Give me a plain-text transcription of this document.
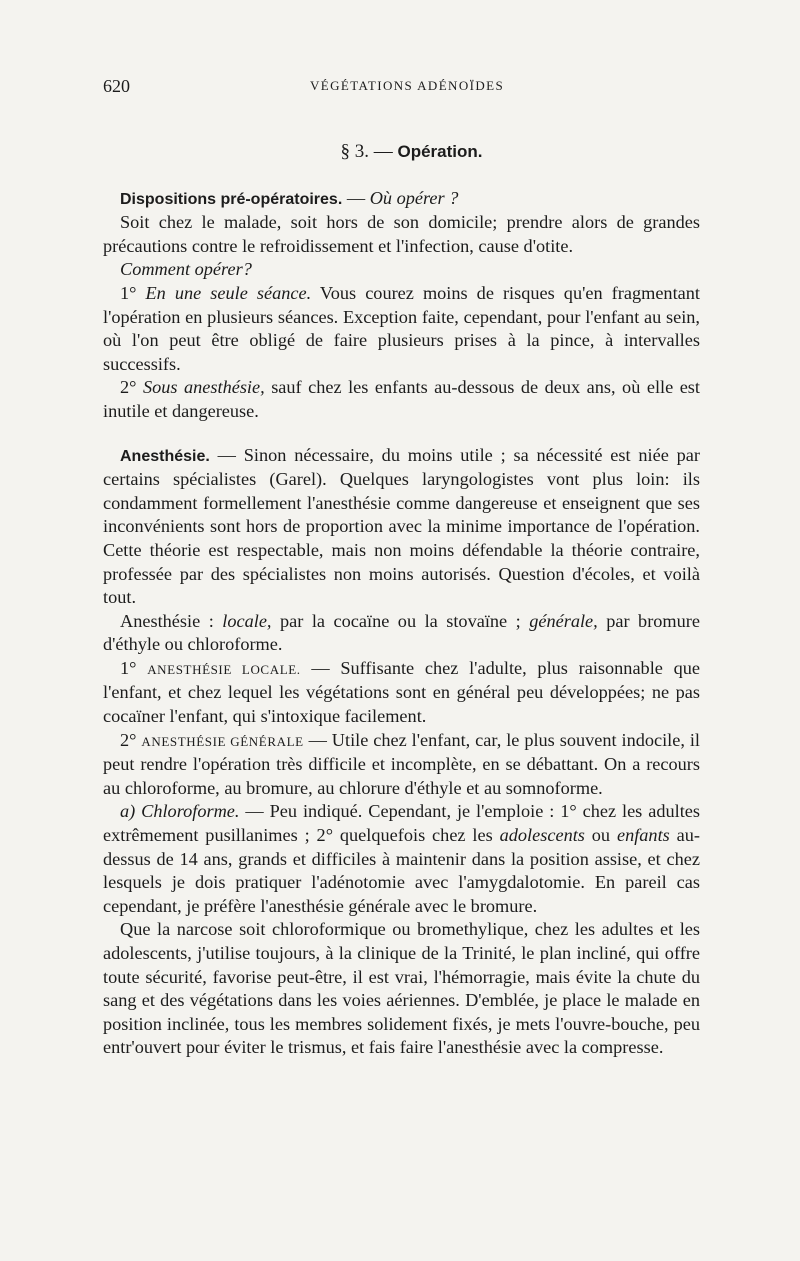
620	VÉGÉTATIONS ADÉNOÏDES
§ 3. — Opération.

Dispositions pré-opératoires. — Où opérer ?

Soit chez le malade, soit hors de son domicile; prendre alors de grandes précautions contre le refroidissement et l'infection, cause d'otite.

Comment opérer?

1° En une seule séance. Vous courez moins de risques qu'en fragmentant l'opération en plusieurs séances. Exception faite, cependant, pour l'enfant au sein, où l'on peut être obligé de faire plusieurs prises à la pince, à intervalles successifs.

2° Sous anesthésie, sauf chez les enfants au-dessous de deux ans, où elle est inutile et dangereuse.

Anesthésie. — Sinon nécessaire, du moins utile ; sa nécessité est niée par certains spécialistes (Garel). Quelques laryngologistes vont plus loin: ils condamment formellement l'anesthésie comme dangereuse et enseignent que ses inconvénients sont hors de proportion avec la minime importance de l'opération. Cette théorie est respectable, mais non moins défendable la théorie contraire, professée par des spécialistes non moins autorisés. Question d'écoles, et voilà tout.

Anesthésie : locale, par la cocaïne ou la stovaïne ; générale, par bromure d'éthyle ou chloroforme.

1° ANESTHÉSIE LOCALE. — Suffisante chez l'adulte, plus raisonnable que l'enfant, et chez lequel les végétations sont en général peu développées; ne pas cocaïner l'enfant, qui s'intoxique facilement.

2° ANESTHÉSIE GÉNÉRALE — Utile chez l'enfant, car, le plus souvent indocile, il peut rendre l'opération très difficile et incomplète, en se débattant. On a recours au chloroforme, au bromure, au chlorure d'éthyle et au somnoforme.

a) Chloroforme. — Peu indiqué. Cependant, je l'emploie : 1° chez les adultes extrêmement pusillanimes ; 2° quelquefois chez les adolescents ou enfants au-dessus de 14 ans, grands et difficiles à maintenir dans la position assise, et chez lesquels je dois pratiquer l'adénotomie avec l'amygdalotomie. En pareil cas cependant, je préfère l'anesthésie générale avec le bromure.

Que la narcose soit chloroformique ou bromethylique, chez les adultes et les adolescents, j'utilise toujours, à la clinique de la Trinité, le plan incliné, qui offre toute sécurité, favorise peut-être, il est vrai, l'hémorragie, mais évite la chute du sang et des végétations dans les voies aériennes. D'emblée, je place le malade en position inclinée, tous les membres solidement fixés, je mets l'ouvre-bouche, peu entr'ouvert pour éviter le trismus, et fais faire l'anesthésie avec la compresse.
